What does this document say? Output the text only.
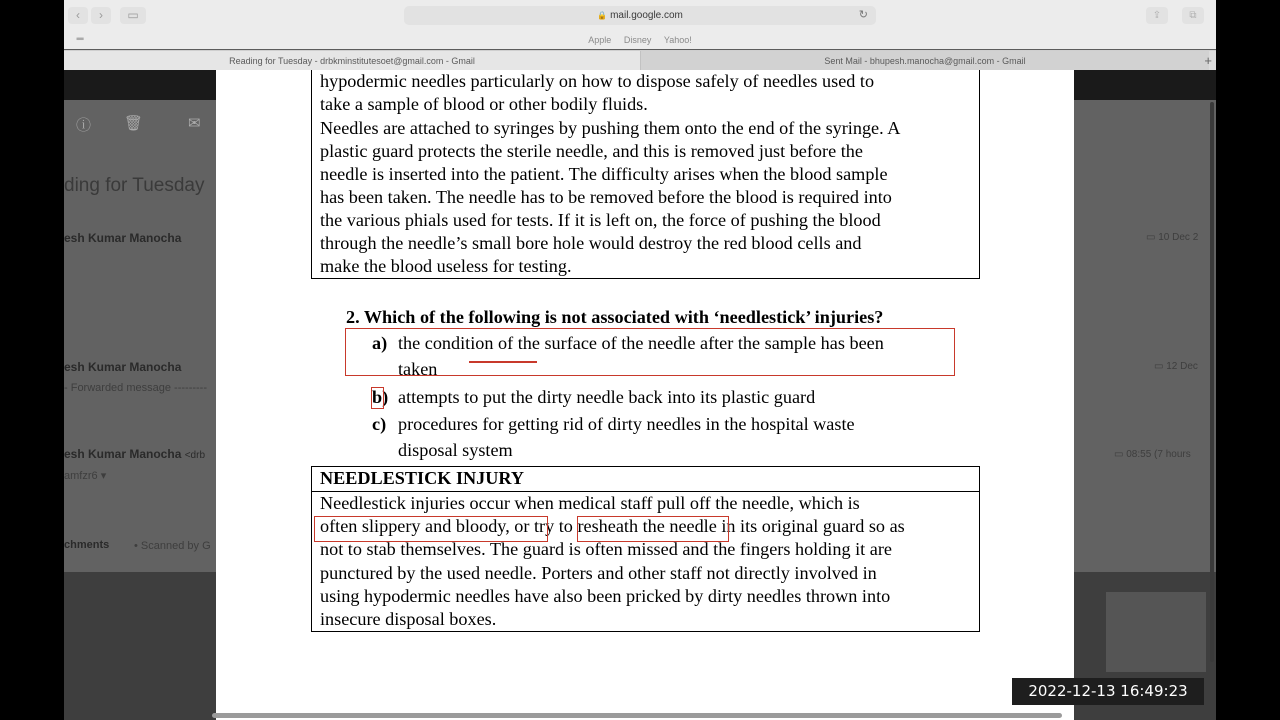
‹	›	▭	🔒 mail.google.com	↻	⇪	⧉
▪▪▪▪	Apple Disney Yahoo!
Reading for Tuesday - drbkminstitutesoet@gmail.com - Gmail	Sent Mail - bhupesh.manocha@gmail.com - Gmail	+
ⓘ 🗑	✉
ding for Tuesday
esh Kumar Manocha	▭ 10 Dec 2
esh Kumar Manocha
- Forwarded message ---------
▭ 12 Dec
esh Kumar Manocha <drb
amfzr6 ▾
▭ 08:55 (7 hours
chments • Scanned by G
hypodermic needles particularly on how to dispose safely of needles used to
take a sample of blood or other bodily fluids.
Needles are attached to syringes by pushing them onto the end of the syringe. A
plastic guard protects the sterile needle, and this is removed just before the
needle is inserted into the patient. The difficulty arises when the blood sample
has been taken. The needle has to be removed before the blood is required into
the various phials used for tests. If it is left on, the force of pushing the blood
through the needle’s small bore hole would destroy the red blood cells and
make the blood useless for testing.
2. Which of the following is not associated with ‘needlestick’ injuries?
a) the condition of the surface of the needle after the sample has been
taken
b) attempts to put the dirty needle back into its plastic guard
c) procedures for getting rid of dirty needles in the hospital waste
disposal system
NEEDLESTICK INJURY
Needlestick injuries occur when medical staff pull off the needle, which is
often slippery and bloody, or try to resheath the needle in its original guard so as
not to stab themselves. The guard is often missed and the fingers holding it are
punctured by the used needle. Porters and other staff not directly involved in
using hypodermic needles have also been pricked by dirty needles thrown into
insecure disposal boxes.
2022-12-13 16:49:23
